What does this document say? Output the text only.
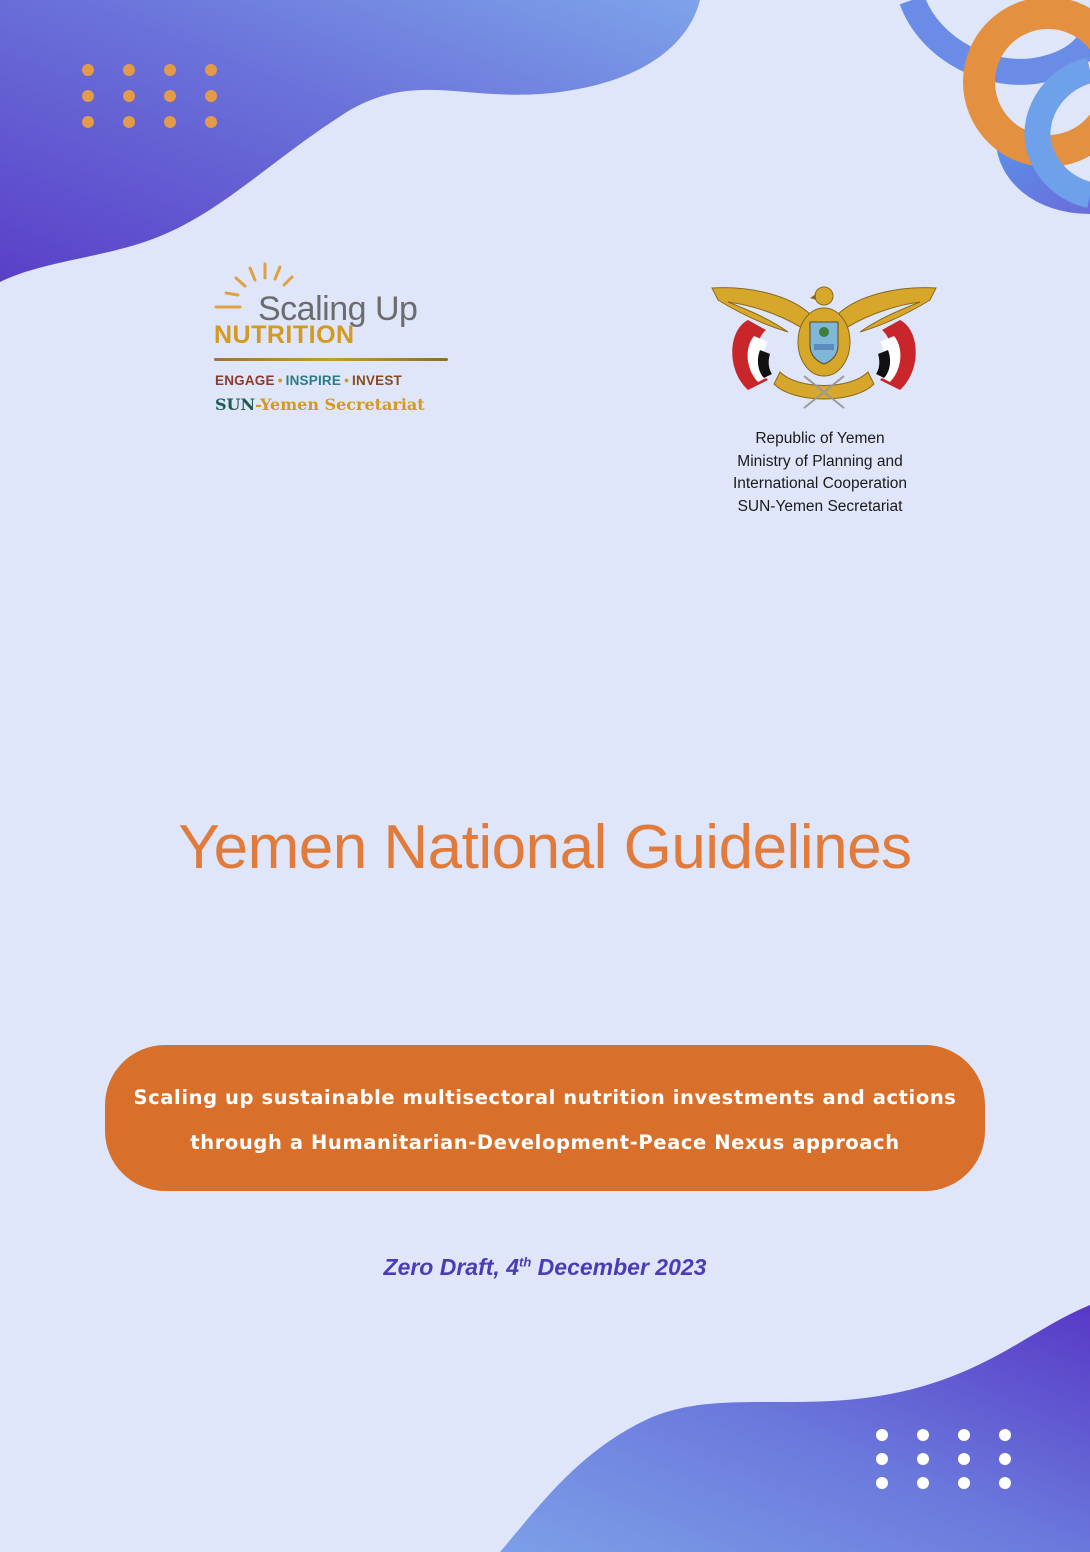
Scaling Up
NUTRITION
ENGAGE • INSPIRE • INVEST
SUN-Yemen Secretariat
Republic of Yemen
Ministry of Planning and
International Cooperation
SUN-Yemen Secretariat
Yemen National Guidelines
Scaling up sustainable multisectoral nutrition investments and actions
through a Humanitarian-Development-Peace Nexus approach
Zero Draft, 4th December 2023
